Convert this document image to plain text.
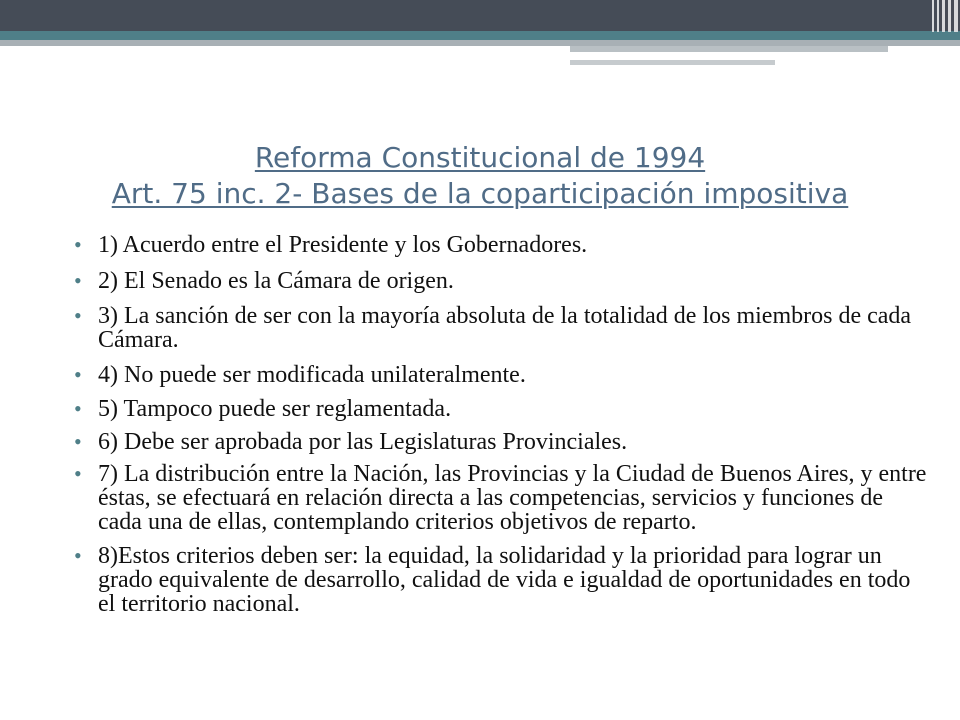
Reforma Constitucional de 1994
Art. 75 inc. 2- Bases de la coparticipación impositiva
• 1) Acuerdo entre el Presidente y los Gobernadores.
• 2) El Senado es la Cámara de origen.
• 3) La sanción de ser con la mayoría absoluta de la totalidad de los miembros de cada Cámara.
• 4) No puede ser modificada unilateralmente.
• 5) Tampoco puede ser reglamentada.
• 6) Debe ser aprobada por las Legislaturas Provinciales.
• 7) La distribución entre la Nación, las Provincias y la Ciudad de Buenos Aires, y entre éstas, se efectuará en relación directa a las competencias, servicios y funciones de cada una de ellas, contemplando criterios objetivos de reparto.
• 8)Estos criterios deben ser: la equidad, la solidaridad y la prioridad para lograr un grado equivalente de desarrollo, calidad de vida e igualdad de oportunidades en todo el territorio nacional.
